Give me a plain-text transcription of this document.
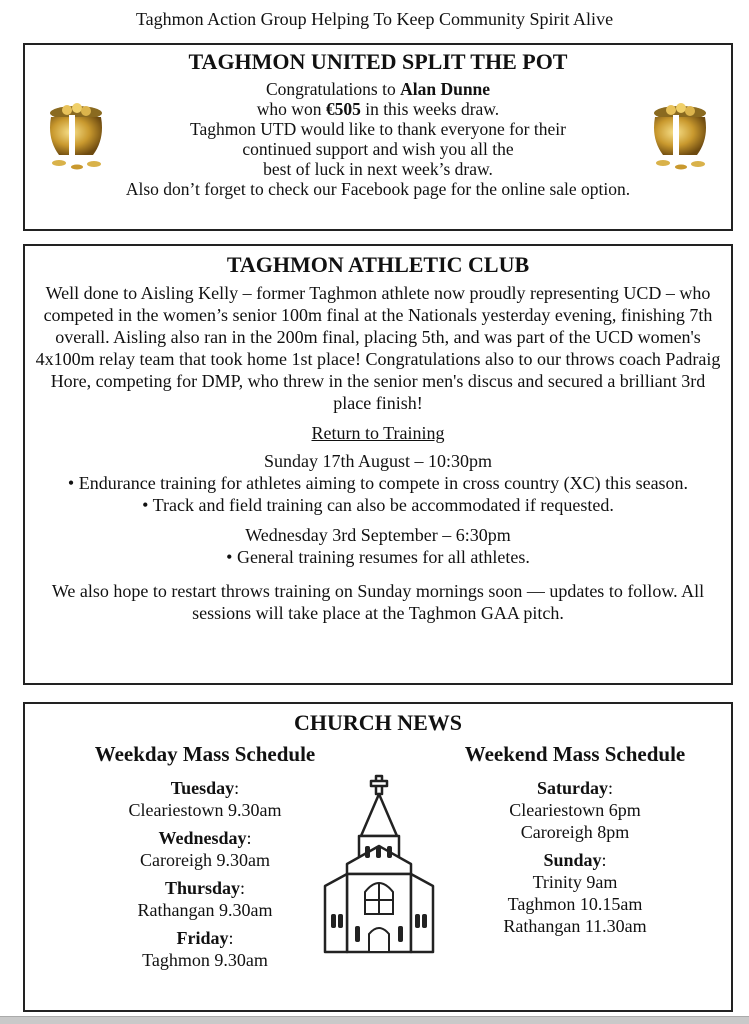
Taghmon Action Group Helping To Keep Community Spirit Alive
TAGHMON UNITED SPLIT THE POT
Congratulations to Alan Dunne
who won €505 in this weeks draw.
Taghmon UTD would like to thank everyone for their
continued support and wish you all the
best of luck in next week’s draw.
Also don’t forget to check our Facebook page for the online sale option.
TAGHMON ATHLETIC CLUB

Well done to Aisling Kelly – former Taghmon athlete now proudly representing UCD – who competed in the women’s senior 100m final at the Nationals yesterday evening, finishing 7th overall. Aisling also ran in the 200m final, placing 5th, and was part of the UCD women's 4x100m relay team that took home 1st place! Congratulations also to our throws coach Padraig Hore, competing for DMP, who threw in the senior men's discus and secured a brilliant 3rd place finish!

Return to Training
Sunday 17th August – 10:30pm
• Endurance training for athletes aiming to compete in cross country (XC) this season.
• Track and field training can also be accommodated if requested.
Wednesday 3rd September – 6:30pm
• General training resumes for all athletes.

We also hope to restart throws training on Sunday mornings soon — updates to follow. All sessions will take place at the Taghmon GAA pitch.

CHURCH NEWS
Weekday Mass Schedule
Tuesday:
Cleariestown 9.30am
Wednesday:
Caroreigh 9.30am
Thursday:
Rathangan 9.30am
Friday:
Taghmon 9.30am
Weekend Mass Schedule
Saturday:
Cleariestown 6pm
Caroreigh 8pm
Sunday:
Trinity 9am
Taghmon 10.15am
Rathangan 11.30am
